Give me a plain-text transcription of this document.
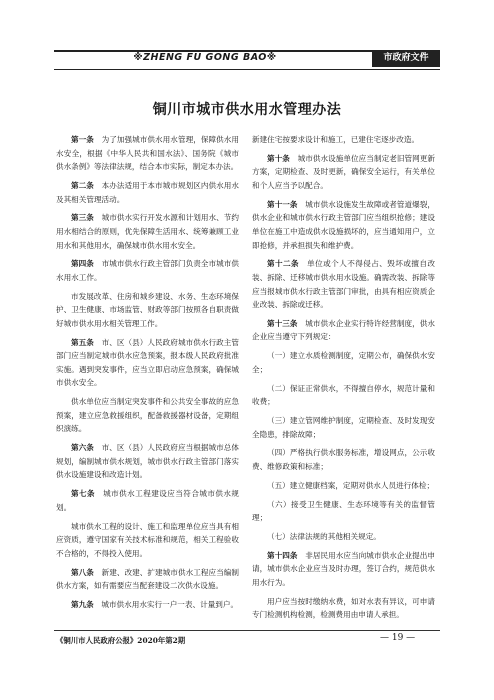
※ZHENG FU GONG BAO※	市政府文件
铜川市城市供水用水管理办法

第一条　为了加强城市供水用水管理，保障供水用水安全，根据《中华人民共和国水法》、国务院《城市供水条例》等法律法规，结合本市实际，制定本办法。

第二条　本办法适用于本市城市规划区内供水用水及其相关管理活动。

第三条　城市供水实行开发水源和计划用水、节约用水相结合的原则，优先保障生活用水、统筹兼顾工业用水和其他用水，确保城市供水用水安全。

第四条　市城市供水行政主管部门负责全市城市供水用水工作。

市发展改革、住房和城乡建设、水务、生态环境保护、卫生健康、市场监管、财政等部门按照各自职责做好城市供水用水相关管理工作。

第五条　市、区（县）人民政府城市供水行政主管部门应当制定城市供水应急预案，报本级人民政府批准实施。遇到突发事件，应当立即启动应急预案，确保城市供水安全。

供水单位应当制定突发事件和公共安全事故的应急预案，建立应急救援组织，配备救援器材设备，定期组织演练。

第六条　市、区（县）人民政府应当根据城市总体规划，编制城市供水规划，城市供水行政主管部门落实供水设施建设和改造计划。

第七条　城市供水工程建设应当符合城市供水规划。

城市供水工程的设计、施工和监理单位应当具有相应资质，遵守国家有关技术标准和规范，相关工程验收不合格的，不得投入使用。

第八条　新建、改建、扩建城市供水工程应当编制供水方案，如有需要应当配套建设二次供水设施。

第九条　城市供水用水实行一户一表、计量到户。

新建住宅按要求设计和施工，已建住宅逐步改造。

第十条　城市供水设施单位应当制定老旧管网更新方案，定期检查、及时更新，确保安全运行，有关单位和个人应当予以配合。

第十一条　城市供水设施发生故障或者管道爆裂，供水企业和城市供水行政主管部门应当组织抢修；建设单位在施工中造成供水设施损坏的，应当通知用户，立即抢修，并承担损失和维护费。

第十二条　单位或个人不得侵占、毁坏或擅自改装、拆除、迁移城市供水用水设施。确需改装、拆除等应当报城市供水行政主管部门审批，由具有相应资质企业改装、拆除或迁移。

第十三条　城市供水企业实行特许经营制度，供水企业应当遵守下列规定：

（一）建立水质检测制度，定期公布，确保供水安全；

（二）保证正常供水，不得擅自停水，规范计量和收费；

（三）建立管网维护制度，定期检查、及时发现安全隐患，排除故障；

（四）严格执行供水服务标准，增设网点，公示收费、维修政策和标准；

（五）建立健康档案，定期对供水人员进行体检；

（六）接受卫生健康、生态环境等有关的监督管理；

（七）法律法规的其他相关规定。

第十四条　非居民用水应当向城市供水企业提出申请，城市供水企业应当及时办理，签订合约，规范供水用水行为。

用户应当按时缴纳水费，如对水表有异议，可申请专门检测机构检测，检测费用由申请人承担。

《铜川市人民政府公报》2020年第2期	— 19 —
